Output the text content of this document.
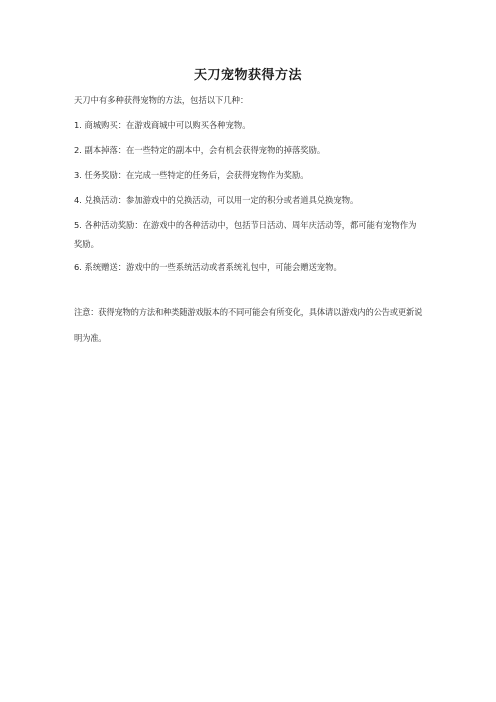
天刀宠物获得方法

天刀中有多种获得宠物的方法，包括以下几种：

1. 商城购买：在游戏商城中可以购买各种宠物。
2. 副本掉落：在一些特定的副本中，会有机会获得宠物的掉落奖励。
3. 任务奖励：在完成一些特定的任务后，会获得宠物作为奖励。
4. 兑换活动：参加游戏中的兑换活动，可以用一定的积分或者道具兑换宠物。
5. 各种活动奖励：在游戏中的各种活动中，包括节日活动、周年庆活动等，都可能有宠物作为奖励。
6. 系统赠送：游戏中的一些系统活动或者系统礼包中，可能会赠送宠物。

注意：获得宠物的方法和种类随游戏版本的不同可能会有所变化，具体请以游戏内的公告或更新说明为准。
